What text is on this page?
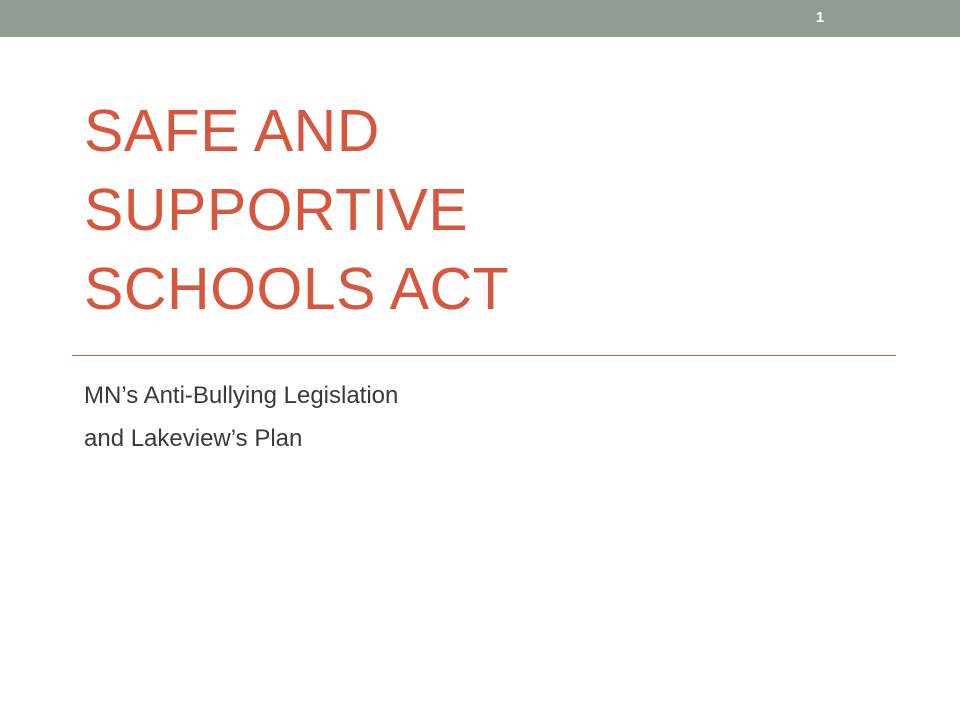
1
SAFE AND
SUPPORTIVE
SCHOOLS ACT
MN’s Anti-Bullying Legislation
and Lakeview’s Plan
